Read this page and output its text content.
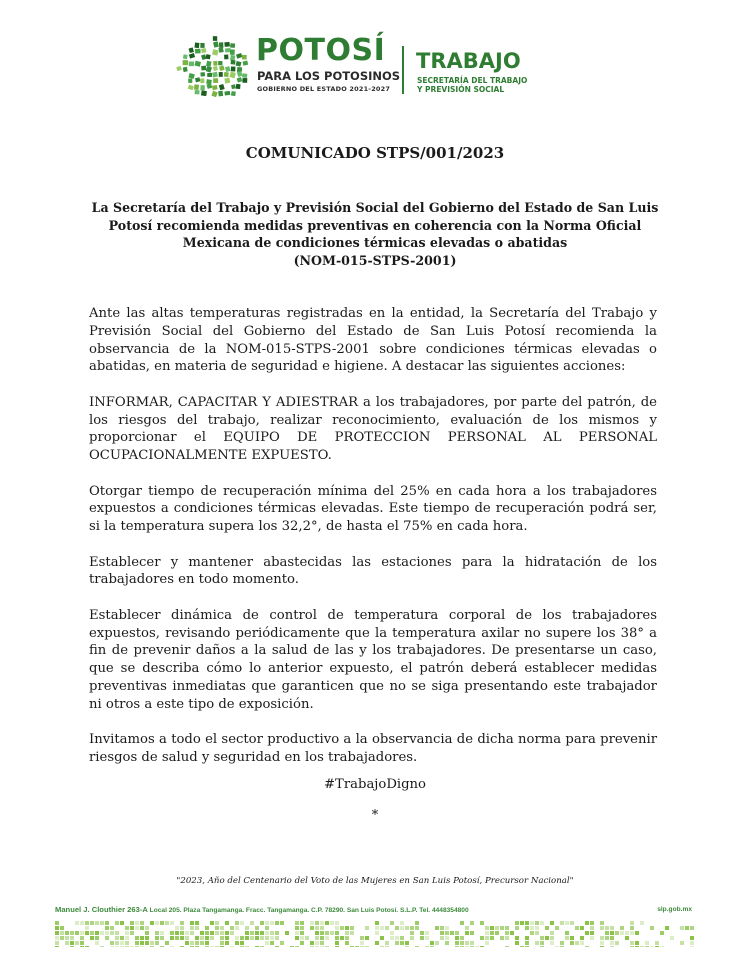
POTOSÍ
PARA LOS POTOSINOS
GOBIERNO DEL ESTADO 2021-2027
TRABAJO
SECRETARÍA DEL TRABAJO
Y PREVISIÓN SOCIAL
COMUNICADO STPS/001/2023
La Secretaría del Trabajo y Previsión Social del Gobierno del Estado de San Luis Potosí recomienda medidas preventivas en coherencia con la Norma Oficial Mexicana de condiciones térmicas elevadas o abatidas
(NOM-015-STPS-2001)

Ante las altas temperaturas registradas en la entidad, la Secretaría del Trabajo y Previsión Social del Gobierno del Estado de San Luis Potosí recomienda la observancia de la NOM-015-STPS-2001 sobre condiciones térmicas elevadas o abatidas, en materia de seguridad e higiene. A destacar las siguientes acciones:

INFORMAR, CAPACITAR Y ADIESTRAR a los trabajadores, por parte del patrón, de los riesgos del trabajo, realizar reconocimiento, evaluación de los mismos y proporcionar el EQUIPO DE PROTECCION PERSONAL AL PERSONAL OCUPACIONALMENTE EXPUESTO.

Otorgar tiempo de recuperación mínima del 25% en cada hora a los trabajadores expuestos a condiciones térmicas elevadas. Este tiempo de recuperación podrá ser, si la temperatura supera los 32,2°, de hasta el 75% en cada hora.

Establecer y mantener abastecidas las estaciones para la hidratación de los trabajadores en todo momento.

Establecer dinámica de control de temperatura corporal de los trabajadores expuestos, revisando periódicamente que la temperatura axilar no supere los 38° a fin de prevenir daños a la salud de las y los trabajadores. De presentarse un caso, que se describa cómo lo anterior expuesto, el patrón deberá establecer medidas preventivas inmediatas que garanticen que no se siga presentando este trabajador ni otros a este tipo de exposición.

Invitamos a todo el sector productivo a la observancia de dicha norma para prevenir riesgos de salud y seguridad en los trabajadores.

#TrabajoDigno
*
"2023, Año del Centenario del Voto de las Mujeres en San Luis Potosí, Precursor Nacional"
Manuel J. Clouthier 263-A Local 205. Plaza Tangamanga. Fracc. Tangamanga. C.P. 78290. San Luis Potosí. S.L.P. Tel. 4448354800	slp.gob.mx
